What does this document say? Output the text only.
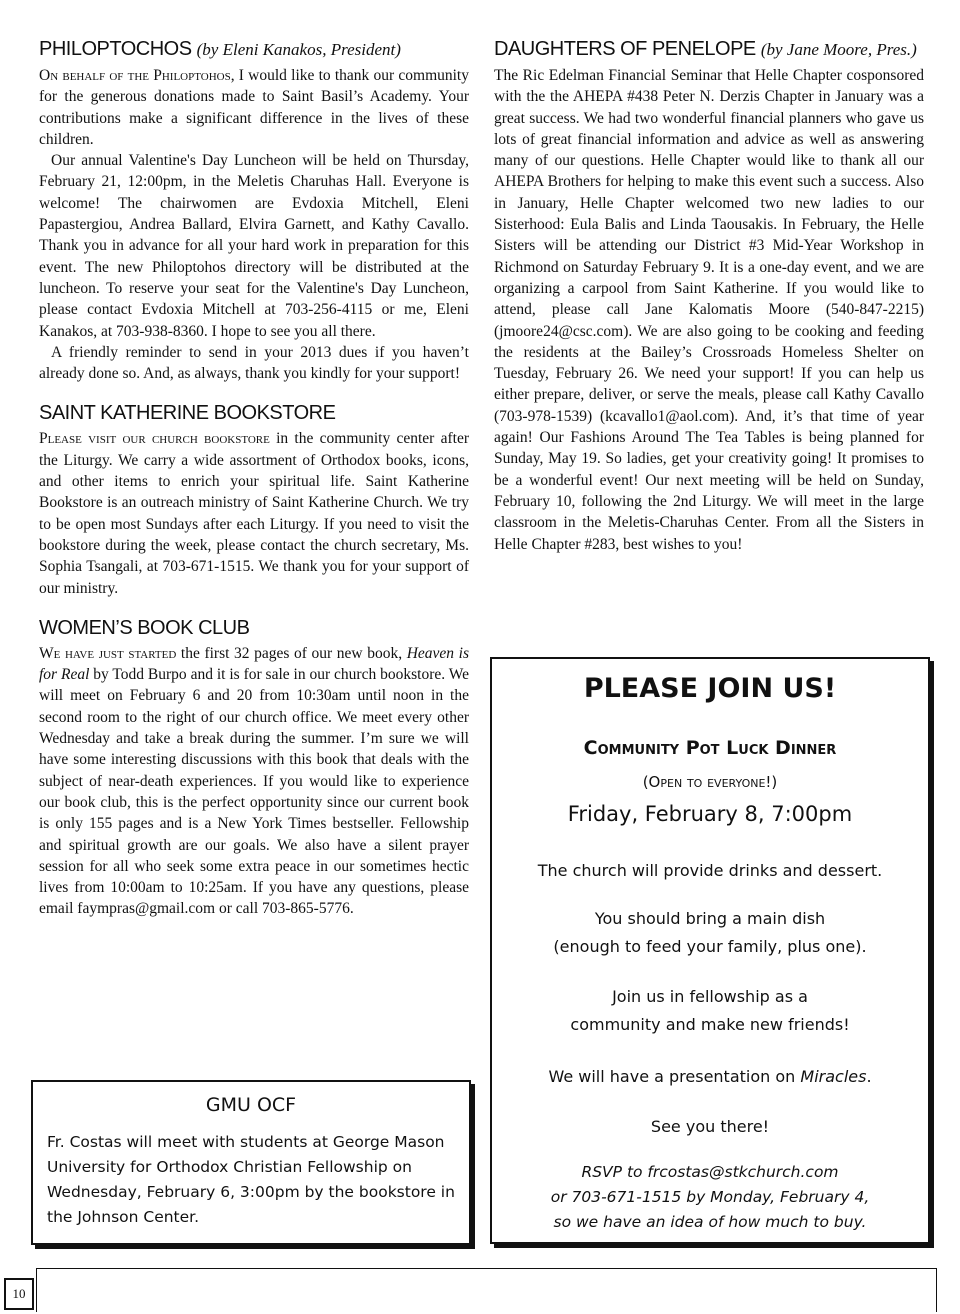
PHILOPTOCHOS (by Eleni Kanakos, President)

On behalf of the Philoptohos, I would like to thank our community for the generous donations made to Saint Basil’s Academy. Your contributions make a significant difference in the lives of these children.

Our annual Valentine's Day Luncheon will be held on Thursday, February 21, 12:00pm, in the Meletis Charuhas Hall. Everyone is welcome! The chairwomen are Evdoxia Mitchell, Eleni Papastergiou, Andrea Ballard, Elvira Garnett, and Kathy Cavallo. Thank you in advance for all your hard work in preparation for this event. The new Philoptohos directory will be distributed at the luncheon. To reserve your seat for the Valentine's Day Luncheon, please contact Evdoxia Mitchell at 703-256-4115 or me, Eleni Kanakos, at 703-938-8360. I hope to see you all there.

A friendly reminder to send in your 2013 dues if you haven’t already done so. And, as always, thank you kindly for your support!

SAINT KATHERINE BOOKSTORE

Please visit our church bookstore in the community center after the Liturgy. We carry a wide assortment of Orthodox books, icons, and other items to enrich your spiritual life. Saint Katherine Bookstore is an outreach ministry of Saint Katherine Church. We try to be open most Sundays after each Liturgy. If you need to visit the bookstore during the week, please contact the church secretary, Ms. Sophia Tsangali, at 703-671-1515. We thank you for your support of our ministry.

WOMEN’S BOOK CLUB

We have just started the first 32 pages of our new book, Heaven is for Real by Todd Burpo and it is for sale in our church bookstore. We will meet on February 6 and 20 from 10:30am until noon in the second room to the right of our church office. We meet every other Wednesday and take a break during the summer. I’m sure we will have some interesting discussions with this book that deals with the subject of near-death experiences. If you would like to experience our book club, this is the perfect opportunity since our current book is only 155 pages and is a New York Times bestseller. Fellowship and spiritual growth are our goals. We also have a silent prayer session for all who seek some extra peace in our sometimes hectic lives from 10:00am to 10:25am. If you have any questions, please email faympras@gmail.com or call 703-865-5776.

GMU OCF
Fr. Costas will meet with students at George Mason University for Orthodox Christian Fellowship on Wednesday, February 6, 3:00pm by the bookstore in the Johnson Center.
DAUGHTERS OF PENELOPE (by Jane Moore, Pres.)

The Ric Edelman Financial Seminar that Helle Chapter cosponsored with the the AHEPA #438 Peter N. Derzis Chapter in January was a great success. We had two wonderful financial planners who gave us lots of great financial information and advice as well as answering many of our questions. Helle Chapter would like to thank all our AHEPA Brothers for helping to make this event such a success. Also in January, Helle Chapter welcomed two new ladies to our Sisterhood: Eula Balis and Linda Taousakis. In February, the Helle Sisters will be attending our District #3 Mid-Year Workshop in Richmond on Saturday February 9. It is a one-day event, and we are organizing a carpool from Saint Katherine. If you would like to attend, please call Jane Kalomatis Moore (540-847-2215) (jmoore24@csc.com). We are also going to be cooking and feeding the residents at the Bailey’s Crossroads Homeless Shelter on Tuesday, February 26. We need your support! If you can help us either prepare, deliver, or serve the meals, please call Kathy Cavallo (703-978-1539) (kcavallo1@aol.com). And, it’s that time of year again! Our Fashions Around The Tea Tables is being planned for Sunday, May 19. So ladies, get your creativity going! It promises to be a wonderful event! Our next meeting will be held on Sunday, February 10, following the 2nd Liturgy. We will meet in the large classroom in the Meletis-Charuhas Center. From all the Sisters in Helle Chapter #283, best wishes to you!

PLEASE JOIN US!
Community Pot Luck Dinner
(Open to everyone!)
Friday, February 8, 7:00pm
The church will provide drinks and dessert.
You should bring a main dish
(enough to feed your family, plus one).
Join us in fellowship as a
community and make new friends!
We will have a presentation on Miracles.
See you there!
RSVP to frcostas@stkchurch.com
or 703-671-1515 by Monday, February 4,
so we have an idea of how much to buy.
10
